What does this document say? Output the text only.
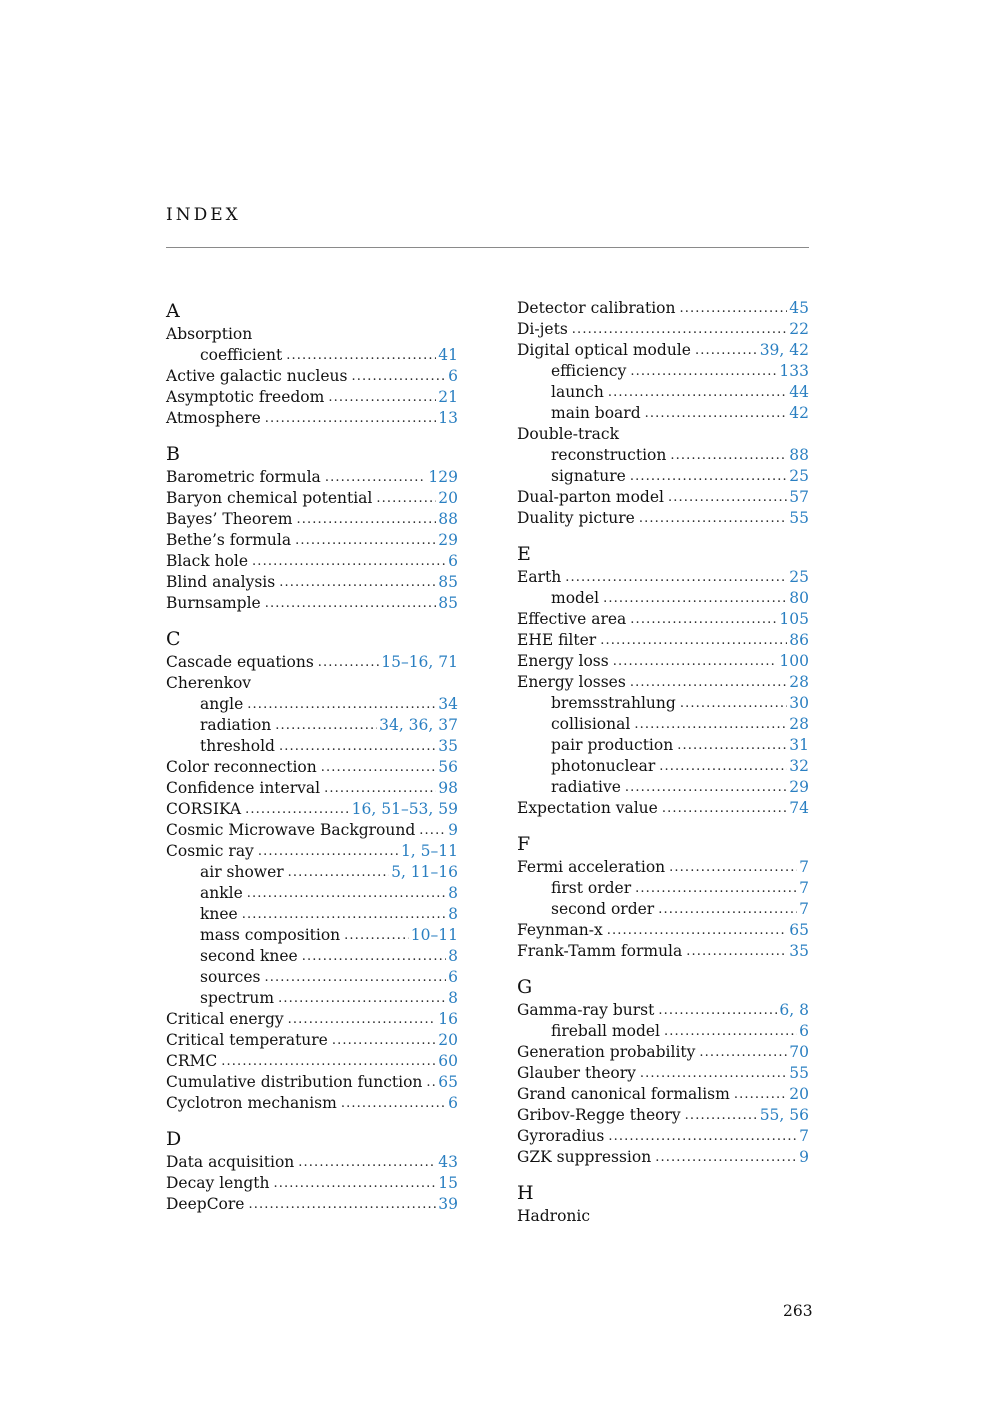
INDEX
A
Absorption
coefficient . . .	41
Active galactic nucleus . . .	6
Asymptotic freedom . . .	21
Atmosphere . . .	13
B
Barometric formula . . .	129
Baryon chemical potential . . .	20
Bayes’ Theorem . . .	88
Bethe’s formula . . .	29
Black hole . . .	6
Blind analysis . . .	85
Burnsample . . .	85
C
Cascade equations . . .	15–16, 71
Cherenkov
angle . . .	34
radiation . . .	34, 36, 37
threshold . . .	35
Color reconnection . . .	56
Confidence interval . . .	98
CORSIKA . . .	16, 51–53, 59
Cosmic Microwave Background . . . 9
Cosmic ray . . .	1, 5–11
air shower . . .	5, 11–16
ankle . . .	8
knee . . .	8
mass composition . . .	10–11
second knee . . .	8
sources . . .	6
spectrum . . .	8
Critical energy . . .	16
Critical temperature . . .	20
CRMC . . .	60
Cumulative distribution function . . . 65
Cyclotron mechanism . . .	6
D
Data acquisition . . .	43
Decay length . . .	15
DeepCore . . .	39
Detector calibration . . .	45
Di-jets . . .	22
Digital optical module . . .	39, 42
efficiency . . .	133
launch . . .	44
main board . . .	42
Double-track
reconstruction . . .	88
signature . . .	25
Dual-parton model . . .	57
Duality picture . . .	55
E
Earth . . .	25
model . . .	80
Effective area . . .	105
EHE filter . . .	86
Energy loss . . .	100
Energy losses . . .	28
bremsstrahlung . . .	30
collisional . . .	28
pair production . . .	31
photonuclear . . .	32
radiative . . .	29
Expectation value . . .	74
F
Fermi acceleration . . .	7
first order . . .	7
second order . . .	7
Feynman-x . . .	65
Frank-Tamm formula . . .	35
G
Gamma-ray burst . . .	6, 8
fireball model . . .	6
Generation probability . . .	70
Glauber theory . . .	55
Grand canonical formalism . . .	20
Gribov-Regge theory . . .	55, 56
Gyroradius . . .	7
GZK suppression . . .	9
H
Hadronic
263
